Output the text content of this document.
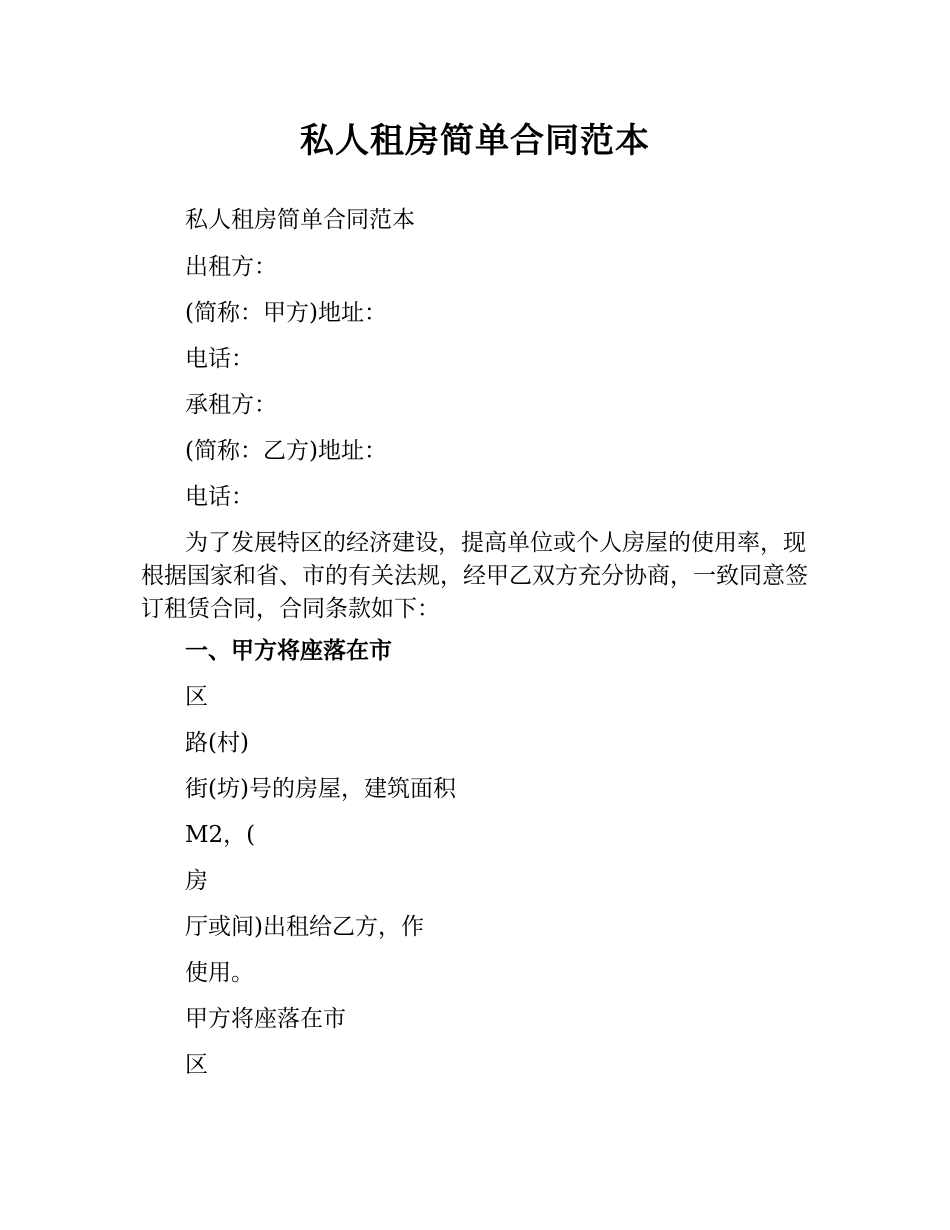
私人租房简单合同范本
私人租房简单合同范本
出租方：
(简称：甲方)地址：
电话：
承租方：
(简称：乙方)地址：
电话：
为了发展特区的经济建设，提高单位或个人房屋的使用率，现根据国家和省、市的有关法规，经甲乙双方充分协商，一致同意签订租赁合同，合同条款如下：
一、甲方将座落在市
区
路(村)
街(坊)号的房屋，建筑面积
M2，(
房
厅或间)出租给乙方，作
使用。
甲方将座落在市
区
